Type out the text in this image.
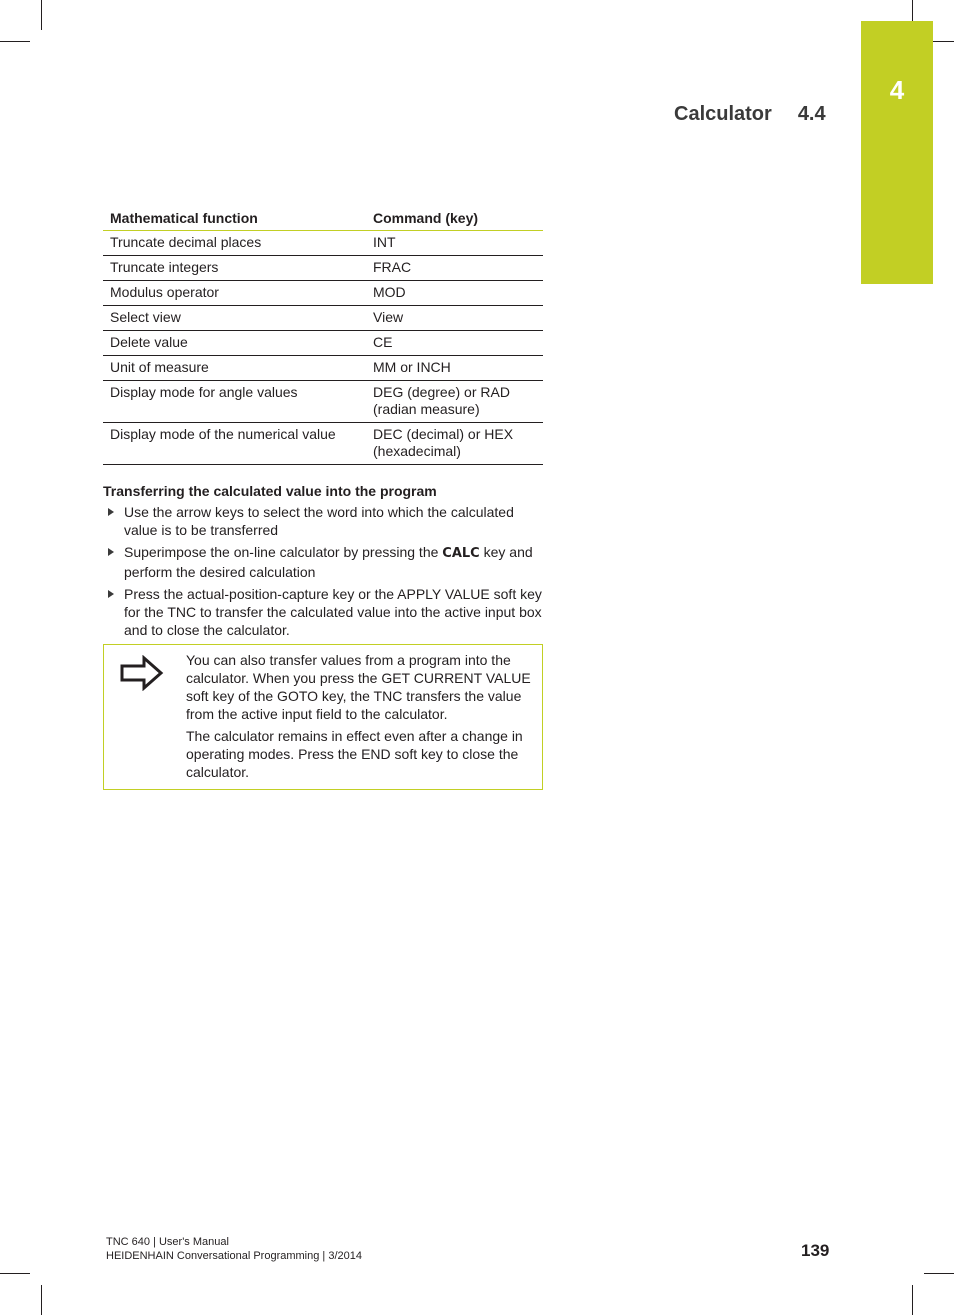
4
Calculator 4.4
Mathematical function	Command (key)
Truncate decimal places	INT
Truncate integers	FRAC
Modulus operator	MOD
Select view	View
Delete value	CE
Unit of measure	MM or INCH
Display mode for angle values	DEG (degree) or RAD (radian measure)
Display mode of the numerical value	DEC (decimal) or HEX (hexadecimal)
Transferring the calculated value into the program
Use the arrow keys to select the word into which the calculated value is to be transferred
Superimpose the on-line calculator by pressing the CALC key and perform the desired calculation
Press the actual-position-capture key or the APPLY VALUE soft key for the TNC to transfer the calculated value into the active input box and to close the calculator.

You can also transfer values from a program into the calculator. When you press the GET CURRENT VALUE soft key of the GOTO key, the TNC transfers the value from the active input field to the calculator.

The calculator remains in effect even after a change in operating modes. Press the END soft key to close the calculator.

TNC 640 | User's Manual
HEIDENHAIN Conversational Programming | 3/2014	139
